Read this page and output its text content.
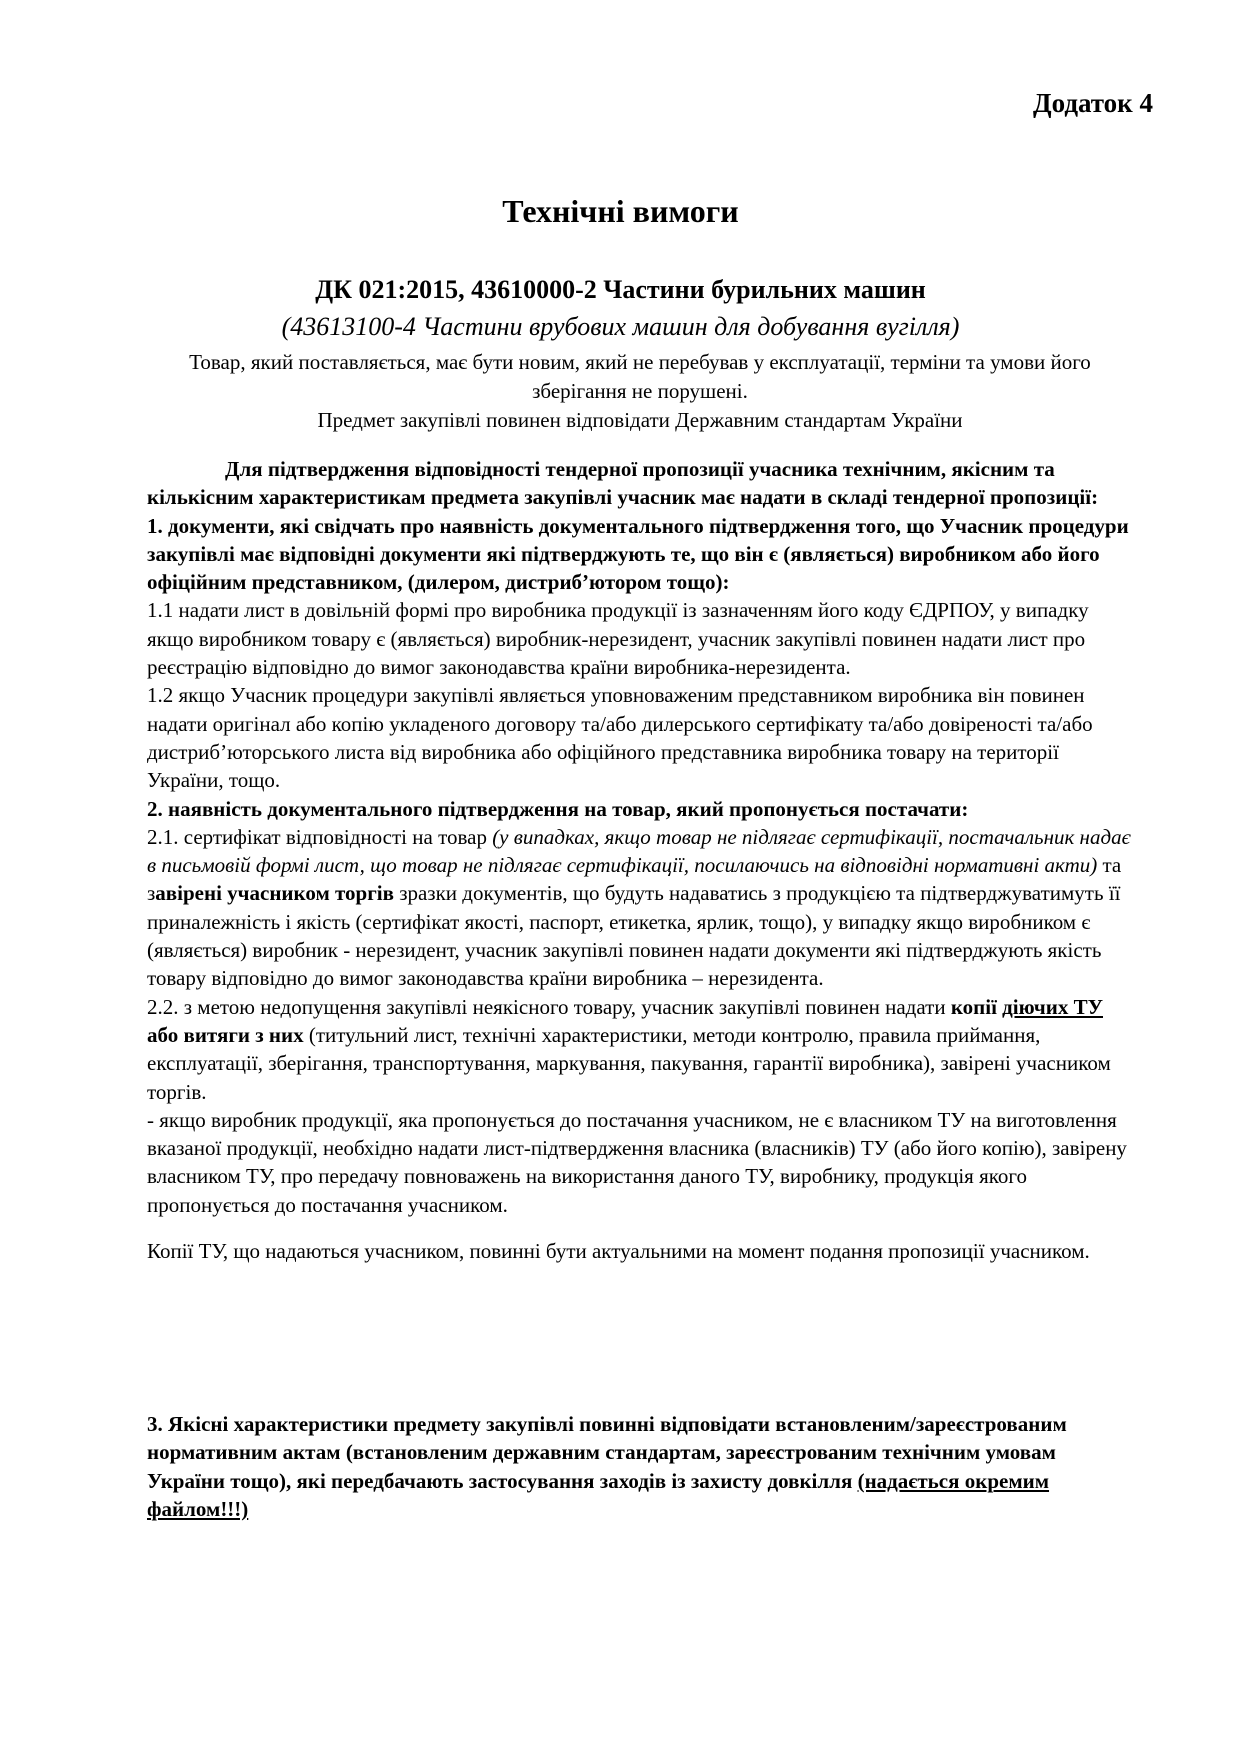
Додаток 4
Технічні вимоги
ДК 021:2015, 43610000-2 Частини бурильних машин
(43613100-4 Частини врубових машин для добування вугілля)
Товар, який поставляється, має бути новим, який не перебував у експлуатації, терміни та умови його зберігання не порушені.
Предмет закупівлі повинен відповідати Державним стандартам України

Для підтвердження відповідності тендерної пропозиції учасника технічним, якісним та кількісним характеристикам предмета закупівлі учасник має надати в складі тендерної пропозиції:

1. документи, які свідчать про наявність документального підтвердження того, що Учасник процедури закупівлі має відповідні документи які підтверджують те, що він є (являється) виробником або його офіційним представником, (дилером, дистриб’ютором тощо):

1.1 надати лист в довільній формі про виробника продукції із зазначенням його коду ЄДРПОУ, у випадку якщо виробником товару є (являється) виробник-нерезидент, учасник закупівлі повинен надати лист про реєстрацію відповідно до вимог законодавства країни виробника-нерезидента.

1.2 якщо Учасник процедури закупівлі являється уповноваженим представником виробника він повинен надати оригінал або копію укладеного договору та/або дилерського сертифікату та/або довіреності та/або дистриб’юторського листа від виробника або офіційного представника виробника товару на території України, тощо.

2. наявність документального підтвердження на товар, який пропонується постачати:

2.1. сертифікат відповідності на товар (у випадках, якщо товар не підлягає сертифікації, постачальник надає в письмовій формі лист, що товар не підлягає сертифікації, посилаючись на відповідні нормативні акти) та завірені учасником торгів зразки документів, що будуть надаватись з продукцією та підтверджуватимуть її приналежність і якість (сертифікат якості, паспорт, етикетка, ярлик, тощо), у випадку якщо виробником є (являється) виробник - нерезидент, учасник закупівлі повинен надати документи які підтверджують якість товару відповідно до вимог законодавства країни виробника – нерезидента.

2.2. з метою недопущення закупівлі неякісного товару, учасник закупівлі повинен надати копії діючих ТУ або витяги з них (титульний лист, технічні характеристики, методи контролю, правила приймання, експлуатації, зберігання, транспортування, маркування, пакування, гарантії виробника), завірені учасником торгів.

- якщо виробник продукції, яка пропонується до постачання учасником, не є власником ТУ на виготовлення вказаної продукції, необхідно надати лист-підтвердження власника (власників) ТУ (або його копію), завірену власником ТУ, про передачу повноважень на використання даного ТУ, виробнику, продукція якого пропонується до постачання учасником.

Копії ТУ, що надаються учасником, повинні бути актуальними на момент подання пропозиції учасником.

3. Якісні характеристики предмету закупівлі повинні відповідати встановленим/зареєстрованим нормативним актам (встановленим державним стандартам, зареєстрованим технічним умовам України тощо), які передбачають застосування заходів із захисту довкілля (надається окремим файлом!!!)
